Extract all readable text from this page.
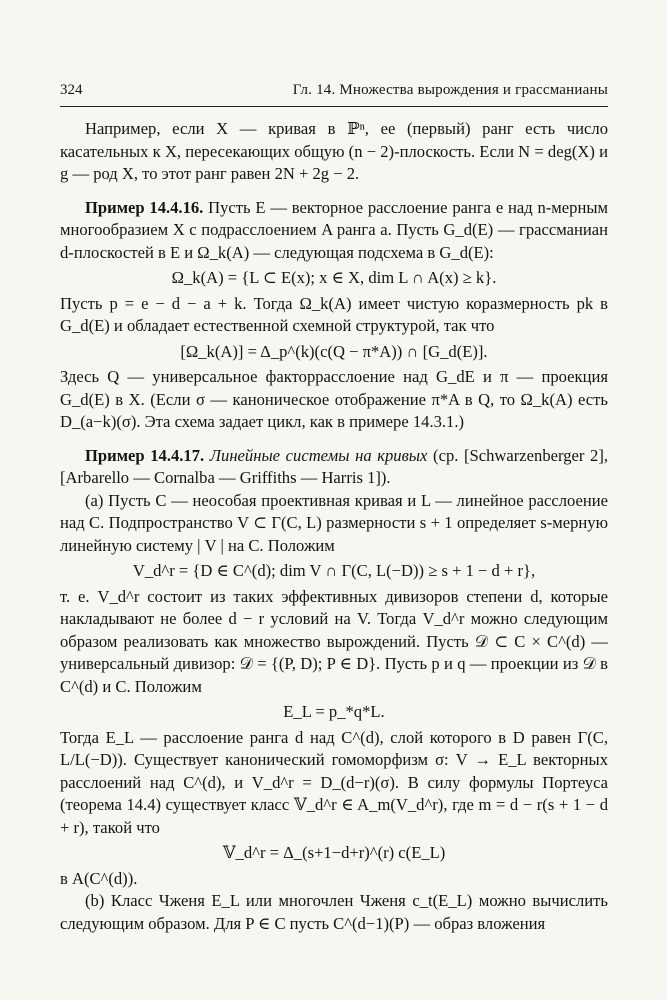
324	Гл. 14. Множества вырождения и грассманианы

Например, если X — кривая в ℙⁿ, ее (первый) ранг есть число касательных к X, пересекающих общую (n − 2)-плоскость. Если N = deg(X) и g — род X, то этот ранг равен 2N + 2g − 2.

Пример 14.4.16. Пусть E — векторное расслоение ранга e над n-мерным многообразием X с подрасслоением A ранга a. Пусть G_d(E) — грассманиан d-плоскостей в E и Ω_k(A) — следующая подсхема в G_d(E):

Ω_k(A) = {L ⊂ E(x); x ∈ X, dim L ∩ A(x) ≥ k}.

Пусть p = e − d − a + k. Тогда Ω_k(A) имеет чистую коразмерность pk в G_d(E) и обладает естественной схемной структурой, так что

[Ω_k(A)] = Δ_p^(k)(c(Q − π*A)) ∩ [G_d(E)].

Здесь Q — универсальное факторрасслоение над G_dE и π — проекция G_d(E) в X. (Если σ — каноническое отображение π*A в Q, то Ω_k(A) есть D_(a−k)(σ). Эта схема задает цикл, как в примере 14.3.1.)

Пример 14.4.17. Линейные системы на кривых (ср. [Schwarzenberger 2], [Arbarello — Cornalba — Griffiths — Harris 1]).

(a) Пусть C — неособая проективная кривая и L — линейное расслоение над C. Подпространство V ⊂ Γ(C, L) размерности s + 1 определяет s-мерную линейную систему | V | на C. Положим

V_d^r = {D ∈ C^(d); dim V ∩ Γ(C, L(−D)) ≥ s + 1 − d + r},

т. е. V_d^r состоит из таких эффективных дивизоров степени d, которые накладывают не более d − r условий на V. Тогда V_d^r можно следующим образом реализовать как множество вырождений. Пусть 𝒟 ⊂ C × C^(d) — универсальный дивизор: 𝒟 = {(P, D); P ∈ D}. Пусть p и q — проекции из 𝒟 в C^(d) и C. Положим

E_L = p_*q*L.

Тогда E_L — расслоение ранга d над C^(d), слой которого в D равен Γ(C, L/L(−D)). Существует канонический гомоморфизм σ: V → E_L векторных расслоений над C^(d), и V_d^r = D_(d−r)(σ). В силу формулы Портеуса (теорема 14.4) существует класс 𝕍_d^r ∈ A_m(V_d^r), где m = d − r(s + 1 − d + r), такой что

𝕍_d^r = Δ_(s+1−d+r)^(r) c(E_L)

в A(C^(d)).

(b) Класс Чженя E_L или многочлен Чженя c_t(E_L) можно вычислить следующим образом. Для P ∈ C пусть C^(d−1)(P) — образ вложения
